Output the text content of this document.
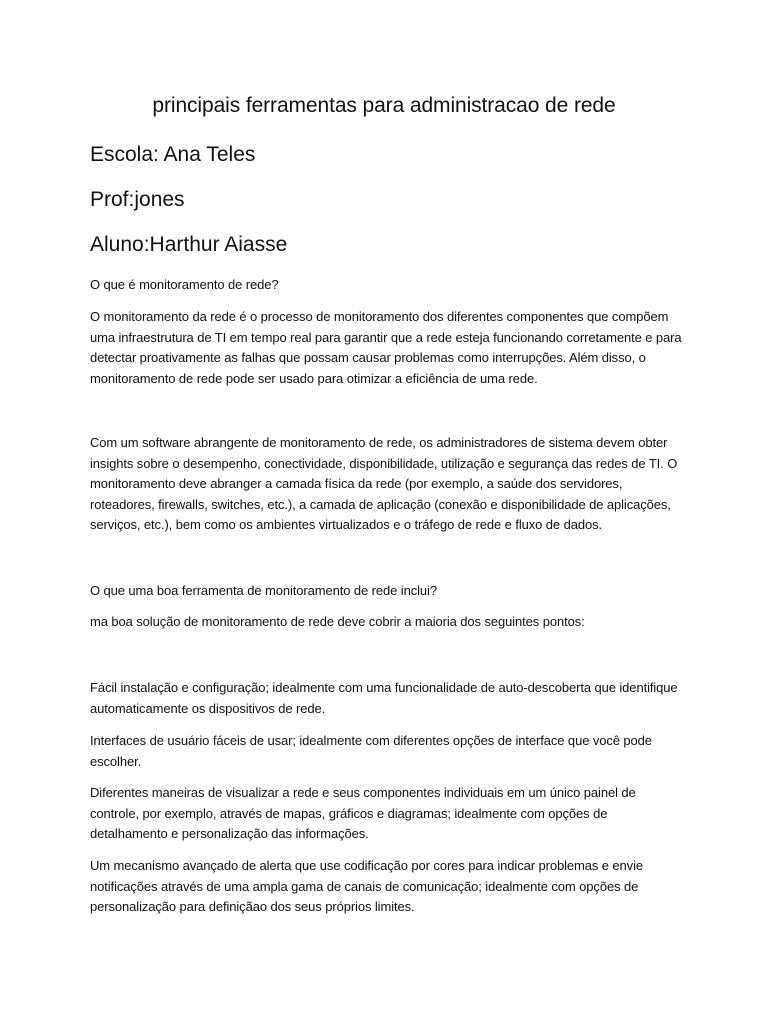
principais ferramentas para administracao de rede

Escola: Ana Teles

Prof:jones

Aluno:Harthur Aiasse

O que é monitoramento de rede?

O monitoramento da rede é o processo de monitoramento dos diferentes componentes que compõem uma infraestrutura de TI em tempo real para garantir que a rede esteja funcionando corretamente e para detectar proativamente as falhas que possam causar problemas como interrupções. Além disso, o monitoramento de rede pode ser usado para otimizar a eficiência de uma rede.

Com um software abrangente de monitoramento de rede, os administradores de sistema devem obter insights sobre o desempenho, conectividade, disponibilidade, utilização e segurança das redes de TI. O monitoramento deve abranger a camada física da rede (por exemplo, a saúde dos servidores, roteadores, firewalls, switches, etc.), a camada de aplicação (conexão e disponibilidade de aplicações, serviços, etc.), bem como os ambientes virtualizados e o tráfego de rede e fluxo de dados.

O que uma boa ferramenta de monitoramento de rede inclui?

ma boa solução de monitoramento de rede deve cobrir a maioria dos seguintes pontos:

Fácil instalação e configuração; idealmente com uma funcionalidade de auto-descoberta que identifique automaticamente os dispositivos de rede.

Interfaces de usuário fáceis de usar; idealmente com diferentes opções de interface que você pode escolher.

Diferentes maneiras de visualizar a rede e seus componentes individuais em um único painel de controle, por exemplo, através de mapas, gráficos e diagramas; idealmente com opções de detalhamento e personalização das informações.

Um mecanismo avançado de alerta que use codificação por cores para indicar problemas e envie notificações através de uma ampla gama de canais de comunicação; idealmente com opções de personalização para definiçãao dos seus próprios limites.
